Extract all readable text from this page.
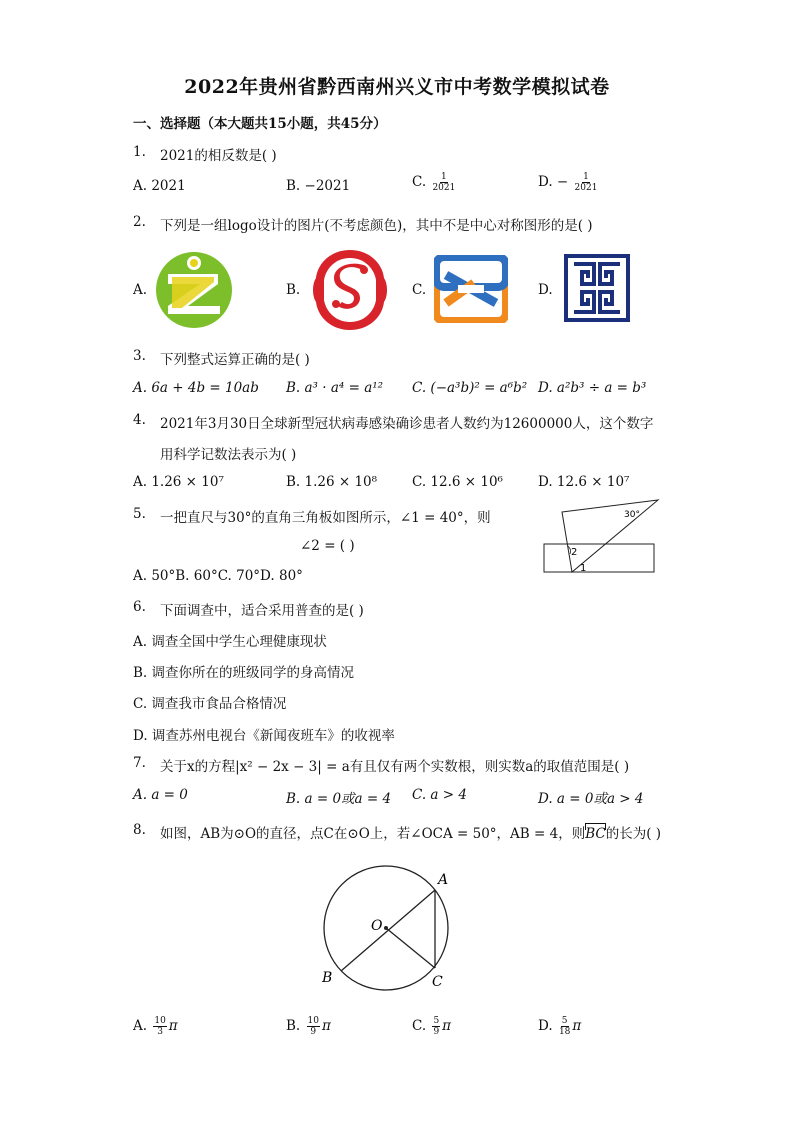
2022年贵州省黔西南州兴义市中考数学模拟试卷
一、选择题（本大题共15小题，共45分）
1. 2021的相反数是( )
A. 2021	B. −2021	C. $\frac{1}{2021}$	D. − $\frac{1}{2021}$
2. 下列是一组logo设计的图片(不考虑颜色)，其中不是中心对称图形的是( )
A.	B.	C.	D.
3. 下列整式运算正确的是( )
A. 6a + 4b = 10ab B. a³ · a⁴ = a¹² C. (−a³b)² = a⁶b² D. a²b³ ÷ a = b³
4. 2021年3月30日全球新型冠状病毒感染确诊患者人数约为12600000人，这个数字
用科学记数法表示为( )
A. 1.26 × 10⁷	B. 1.26 × 10⁸	C. 12.6 × 10⁶	D. 12.6 × 10⁷
5. 一把直尺与30°的直角三角板如图所示，∠1 = 40°，则
∠2 = ( )
A. 50°B. 60°C. 70°D. 80°
30°
2
1
6. 下面调查中，适合采用普查的是( )
A. 调查全国中学生心理健康现状
B. 调查你所在的班级同学的身高情况
C. 调查我市食品合格情况
D. 调查苏州电视台《新闻夜班车》的收视率
7. 关于x的方程|x² − 2x − 3| = a有且仅有两个实数根，则实数a的取值范围是( )
A. a = 0	B. a = 0或a = 4 C. a > 4	D. a = 0或a > 4
8. 如图，AB为⊙O的直径，点C在⊙O上，若∠OCA = 50°，AB = 4，则BC的长为( )
A
O
B	C
A. $\frac{10}{3}$ π	B. $\frac{10}{9}$ π	C. $\frac{5}{9}$ π	D. $\frac{5}{18}$ π
